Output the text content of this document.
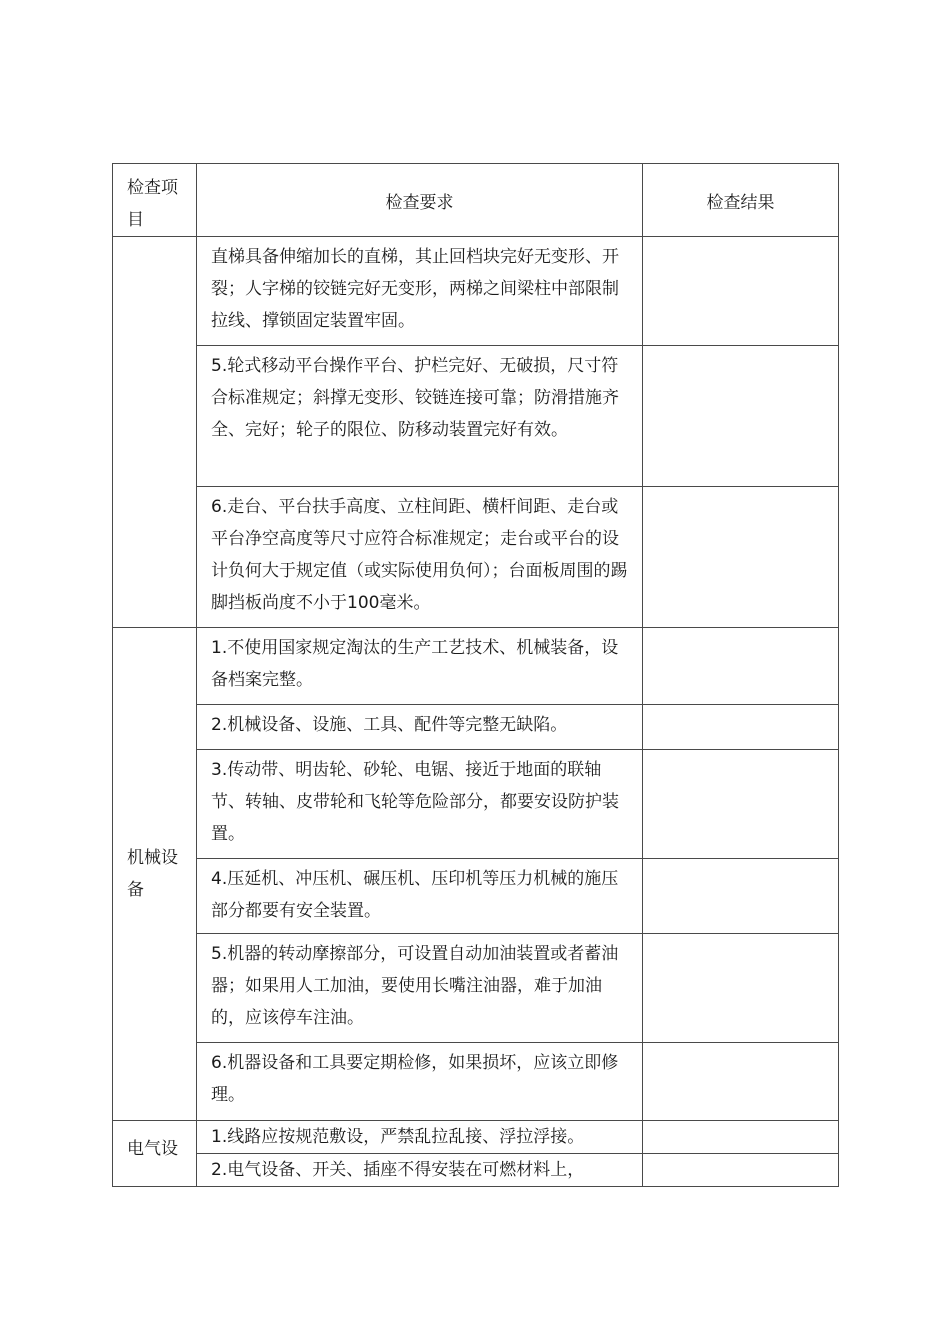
检查项目	检查要求	检查结果
	直梯具备伸缩加长的直梯，其止回档块完好无变形、开裂；人字梯的铰链完好无变形，两梯之间梁柱中部限制拉线、撑锁固定装置牢固。	
	5.轮式移动平台操作平台、护栏完好、无破损，尺寸符合标准规定；斜撑无变形、铰链连接可靠；防滑措施齐全、完好；轮子的限位、防移动装置完好有效。	
	6.走台、平台扶手高度、立柱间距、横杆间距、走台或平台净空高度等尺寸应符合标准规定；走台或平台的设计负何大于规定值（或实际使用负何）；台面板周围的踢脚挡板尚度不小于100毫米。	
机械设备	1.不使用国家规定淘汰的生产工艺技术、机械装备，设备档案完整。	
	2.机械设备、设施、工具、配件等完整无缺陷。	
	3.传动带、明齿轮、砂轮、电锯、接近于地面的联轴节、转轴、皮带轮和飞轮等危险部分，都要安设防护装置。	
	4.压延机、冲压机、碾压机、压印机等压力机械的施压部分都要有安全装置。	
	5.机器的转动摩擦部分，可设置自动加油装置或者蓄油器；如果用人工加油，要使用长嘴注油器，难于加油的，应该停车注油。	
	6.机器设备和工具要定期检修，如果损坏，应该立即修理。	
电气设	1.线路应按规范敷设，严禁乱拉乱接、浮拉浮接。	
	2.电气设备、开关、插座不得安装在可燃材料上，	
